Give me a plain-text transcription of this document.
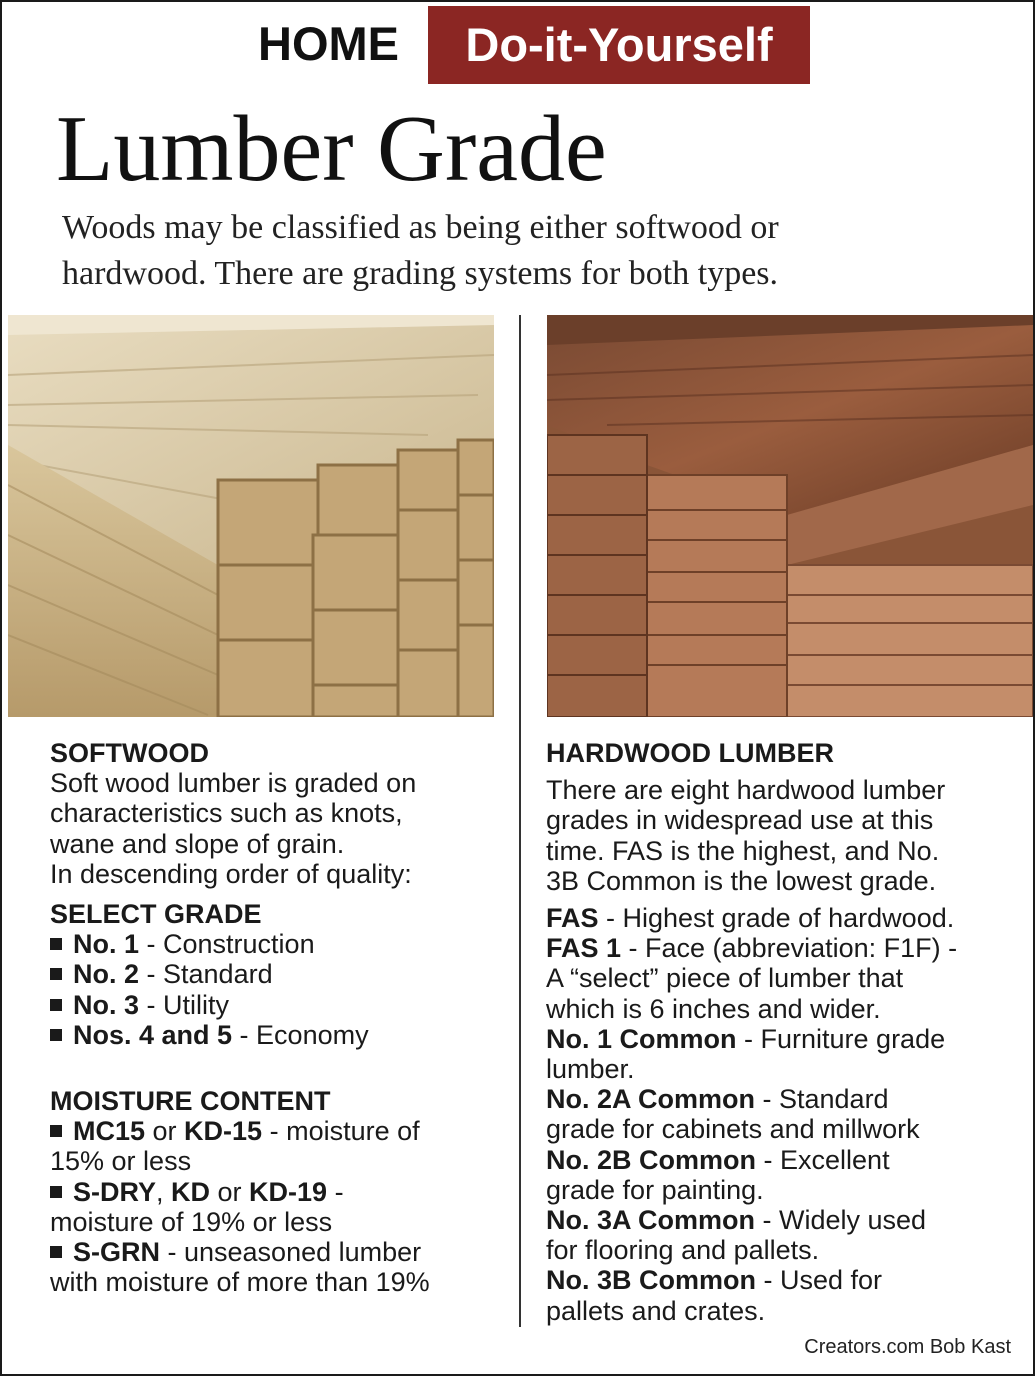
HOME	Do-it-Yourself
Lumber Grade
Woods may be classified as being either softwood or
hardwood. There are grading systems for both types.

SOFTWOOD

Soft wood lumber is graded on

characteristics such as knots,

wane and slope of grain.

In descending order of quality:

SELECT GRADE

No. 1 - Construction

No. 2 - Standard

No. 3 - Utility

Nos. 4 and 5 - Economy

MOISTURE CONTENT

MC15 or KD-15 - moisture of

15% or less

S-DRY, KD or KD-19 -

moisture of 19% or less

S-GRN - unseasoned lumber

with moisture of more than 19%

HARDWOOD LUMBER

There are eight hardwood lumber

grades in widespread use at this

time. FAS is the highest, and No.

3B Common is the lowest grade.

FAS - Highest grade of hardwood.

FAS 1 - Face (abbreviation: F1F) -

A “select” piece of lumber that

which is 6 inches and wider.

No. 1 Common - Furniture grade

lumber.

No. 2A Common - Standard

grade for cabinets and millwork

No. 2B Common - Excellent

grade for painting.

No. 3A Common - Widely used

for flooring and pallets.

No. 3B Common - Used for

pallets and crates.

Creators.com Bob Kast
